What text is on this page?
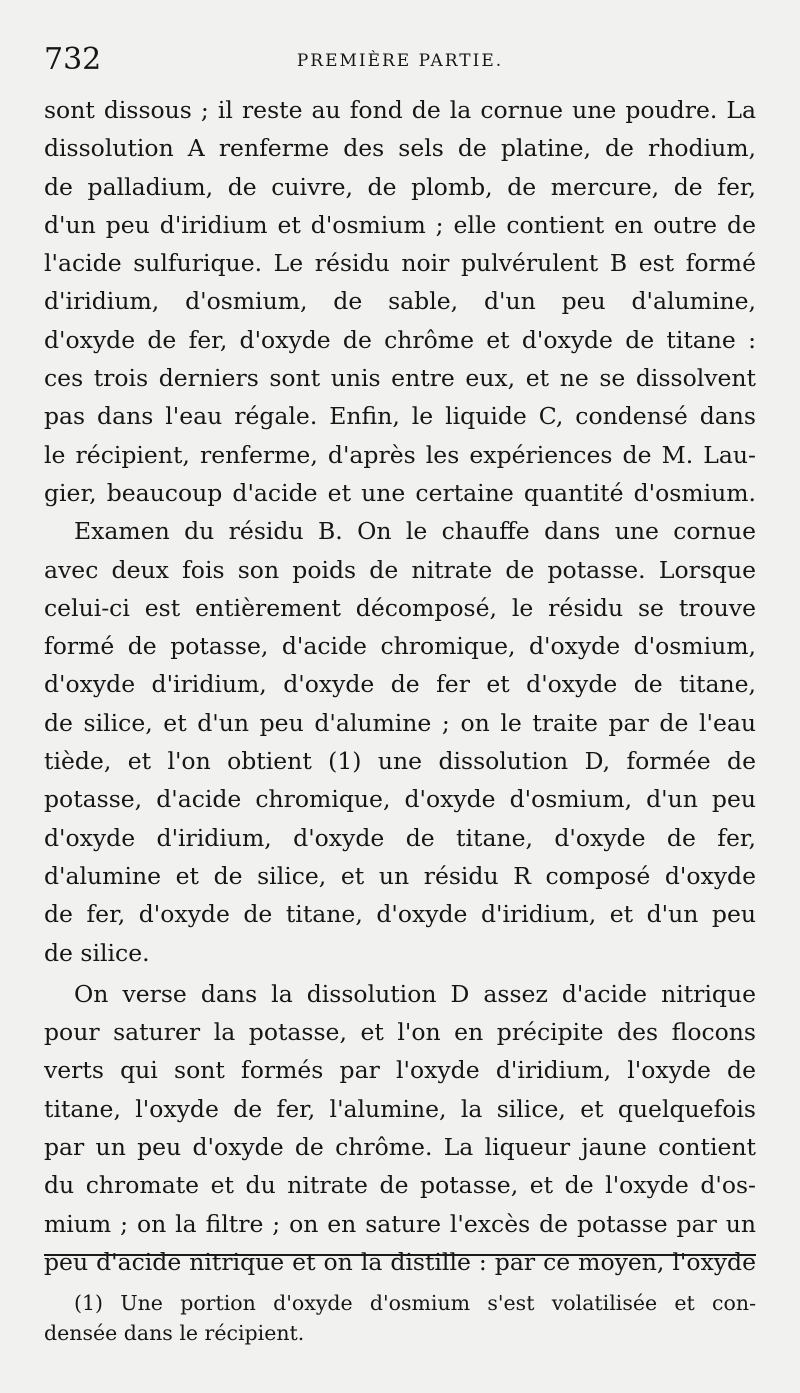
732	PREMIÈRE PARTIE.
sont dissous ; il reste au fond de la cornue une poudre. La
dissolution A renferme des sels de platine, de rhodium,
de palladium, de cuivre, de plomb, de mercure, de fer,
d'un peu d'iridium et d'osmium ; elle contient en outre de
l'acide sulfurique. Le résidu noir pulvérulent B est formé
d'iridium, d'osmium, de sable, d'un peu d'alumine,
d'oxyde de fer, d'oxyde de chrôme et d'oxyde de titane :
ces trois derniers sont unis entre eux, et ne se dissolvent
pas dans l'eau régale. Enfin, le liquide C, condensé dans
le récipient, renferme, d'après les expériences de M. Lau-
gier, beaucoup d'acide et une certaine quantité d'osmium.
Examen du résidu B. On le chauffe dans une cornue
avec deux fois son poids de nitrate de potasse. Lorsque
celui-ci est entièrement décomposé, le résidu se trouve
formé de potasse, d'acide chromique, d'oxyde d'osmium,
d'oxyde d'iridium, d'oxyde de fer et d'oxyde de titane,
de silice, et d'un peu d'alumine ; on le traite par de l'eau
tiède, et l'on obtient (1) une dissolution D, formée de
potasse, d'acide chromique, d'oxyde d'osmium, d'un peu
d'oxyde d'iridium, d'oxyde de titane, d'oxyde de fer,
d'alumine et de silice, et un résidu R composé d'oxyde
de fer, d'oxyde de titane, d'oxyde d'iridium, et d'un peu
de silice.
On verse dans la dissolution D assez d'acide nitrique
pour saturer la potasse, et l'on en précipite des flocons
verts qui sont formés par l'oxyde d'iridium, l'oxyde de
titane, l'oxyde de fer, l'alumine, la silice, et quelquefois
par un peu d'oxyde de chrôme. La liqueur jaune contient
du chromate et du nitrate de potasse, et de l'oxyde d'os-
mium ; on la filtre ; on en sature l'excès de potasse par un
peu d'acide nitrique et on la distille : par ce moyen, l'oxyde
(1) Une portion d'oxyde d'osmium s'est volatilisée et con-
densée dans le récipient.
